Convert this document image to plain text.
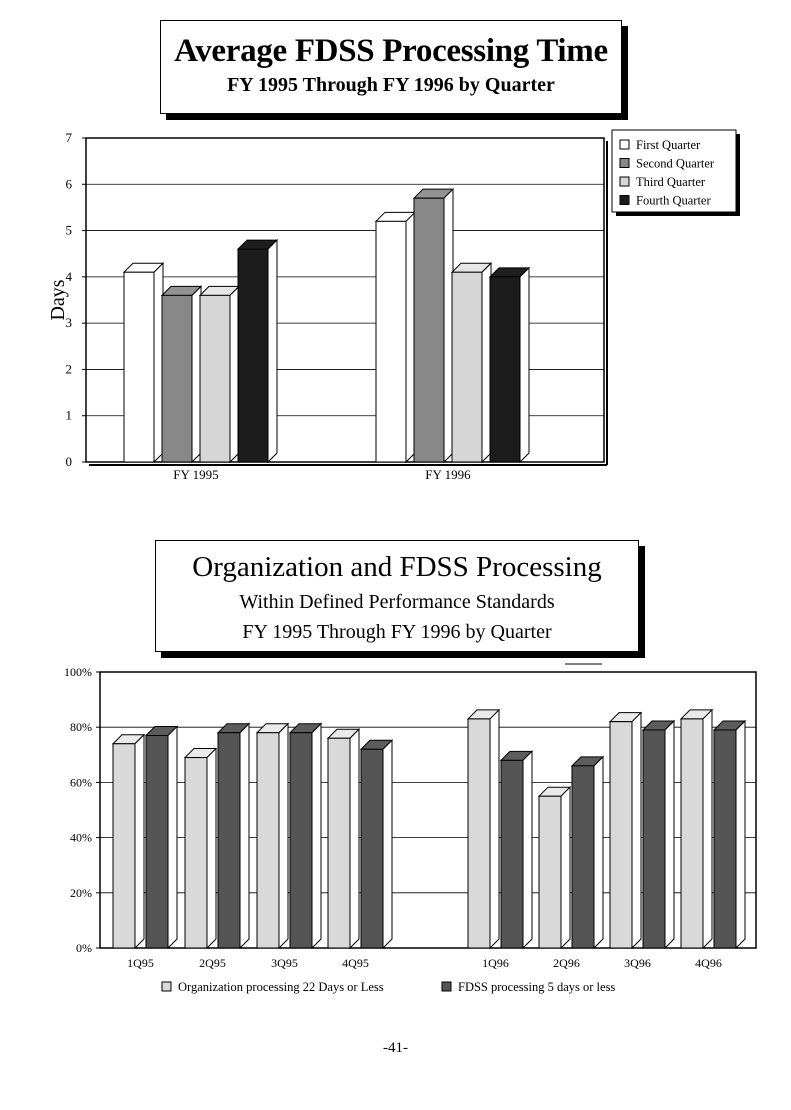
Average FDSS Processing Time
FY 1995 Through FY 1996 by Quarter
0
1
2
3
4
5
6
7
Days
FY 1995	FY 1996
First Quarter
Second Quarter
Third Quarter
Fourth Quarter
Organization and FDSS Processing
Within Defined Performance Standards
FY 1995 Through FY 1996 by Quarter
0%
20%
40%
60%
80%
100%
1Q95	2Q95	3Q95	4Q95	1Q96	2Q96	3Q96	4Q96
Organization processing 22 Days or Less	FDSS processing 5 days or less
-41-
